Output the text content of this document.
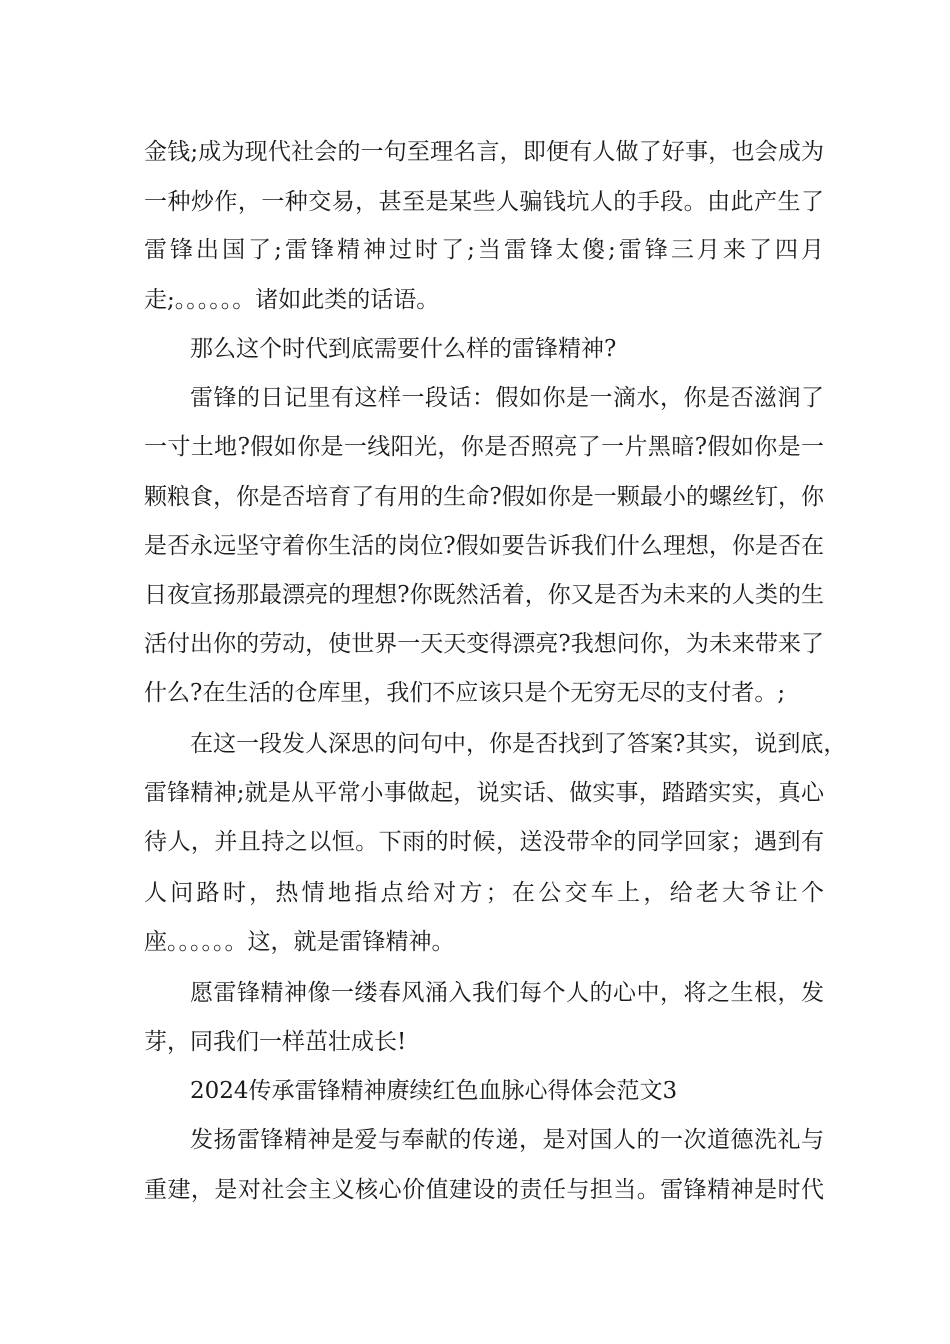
金钱;成为现代社会的一句至理名言，即便有人做了好事，也会成为
一种炒作，一种交易，甚至是某些人骗钱坑人的手段。由此产生了
雷锋出国了;雷锋精神过时了;当雷锋太傻;雷锋三月来了四月
走;。。。。。。诸如此类的话语。
那么这个时代到底需要什么样的雷锋精神?
雷锋的日记里有这样一段话：假如你是一滴水，你是否滋润了
一寸土地?假如你是一线阳光，你是否照亮了一片黑暗?假如你是一
颗粮食，你是否培育了有用的生命?假如你是一颗最小的螺丝钉，你
是否永远坚守着你生活的岗位?假如要告诉我们什么理想，你是否在
日夜宣扬那最漂亮的理想?你既然活着，你又是否为未来的人类的生
活付出你的劳动，使世界一天天变得漂亮?我想问你，为未来带来了
什么?在生活的仓库里，我们不应该只是个无穷无尽的支付者。;
在这一段发人深思的问句中，你是否找到了答案?其实，说到底，
雷锋精神;就是从平常小事做起，说实话、做实事，踏踏实实，真心
待人，并且持之以恒。下雨的时候，送没带伞的同学回家；遇到有
人问路时，热情地指点给对方；在公交车上，给老大爷让个
座。。。。。。这，就是雷锋精神。
愿雷锋精神像一缕春风涌入我们每个人的心中，将之生根，发
芽，同我们一样茁壮成长!
2024传承雷锋精神赓续红色血脉心得体会范文3
发扬雷锋精神是爱与奉献的传递，是对国人的一次道德洗礼与
重建，是对社会主义核心价值建设的责任与担当。雷锋精神是时代
